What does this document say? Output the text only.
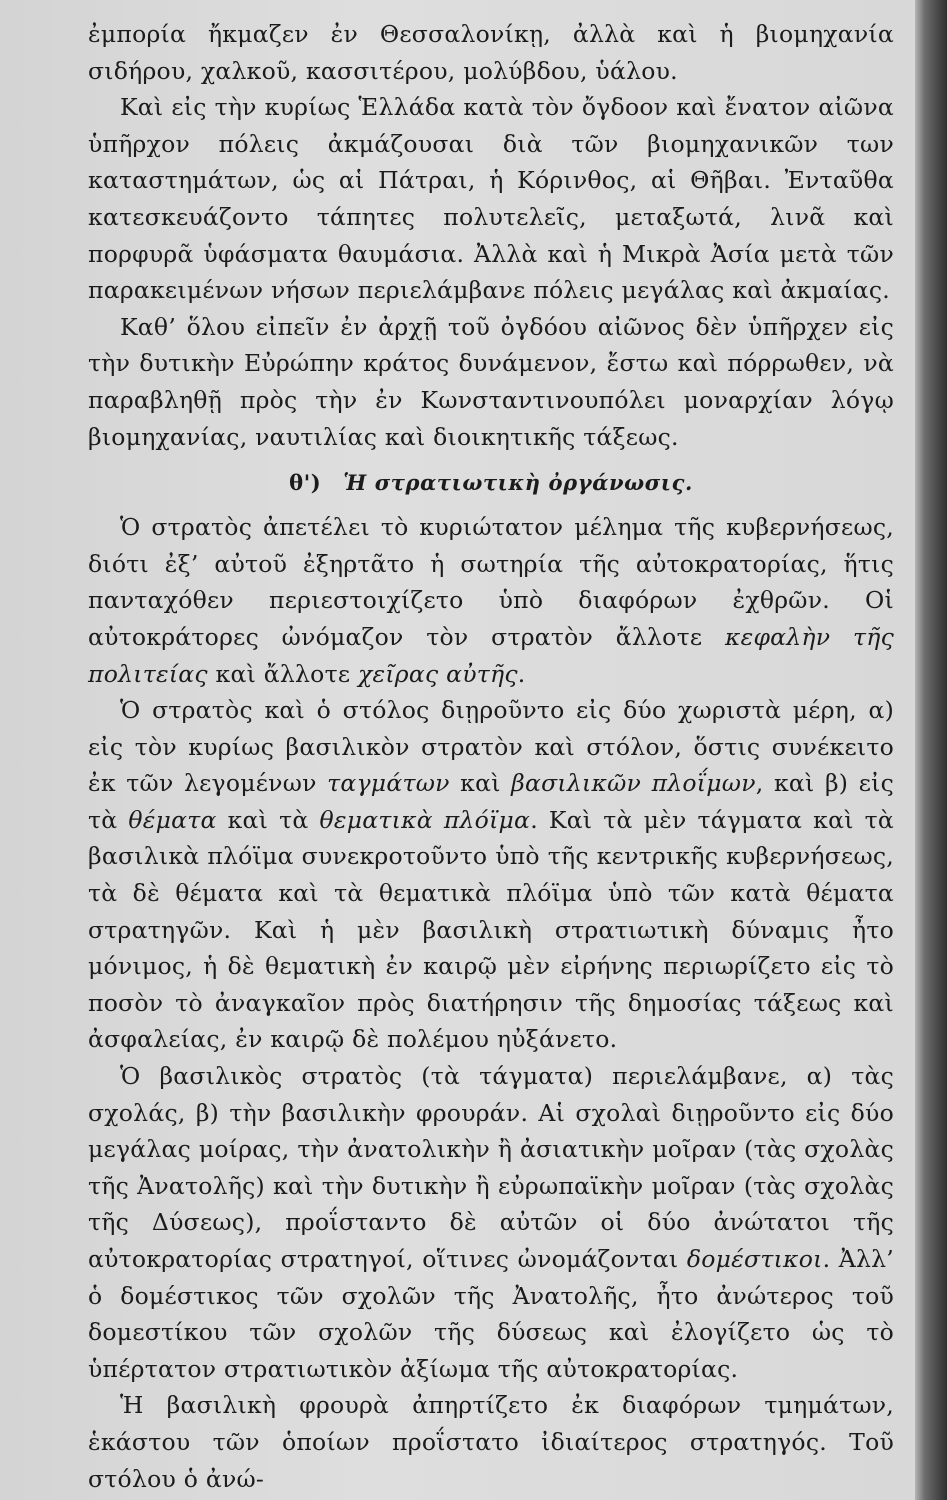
ἐμπορία ἤκμαζεν ἐν Θεσσαλονίκῃ, ἀλλὰ καὶ ἡ βιομηχανία σιδήρου, χαλκοῦ, κασσιτέρου, μολύβδου, ὑάλου.

Καὶ εἰς τὴν κυρίως Ἑλλάδα κατὰ τὸν ὄγδοον καὶ ἔνατον αἰῶνα ὑπῆρχον πόλεις ἀκμάζουσαι διὰ τῶν βιομηχανικῶν των καταστημάτων, ὡς αἱ Πάτραι, ἡ Κόρινθος, αἱ Θῆβαι. Ἐνταῦθα κατεσκευάζοντο τάπητες πολυτελεῖς, μεταξωτά, λινᾶ καὶ πορφυρᾶ ὑφάσματα θαυμάσια. Ἀλλὰ καὶ ἡ Μικρὰ Ἀσία μετὰ τῶν παρακειμένων νήσων περιελάμβανε πόλεις μεγάλας καὶ ἀκμαίας.

Καθ’ ὅλου εἰπεῖν ἐν ἀρχῇ τοῦ ὀγδόου αἰῶνος δὲν ὑπῆρχεν εἰς τὴν δυτικὴν Εὐρώπην κράτος δυνάμενον, ἔστω καὶ πόρρωθεν, νὰ παραβληθῇ πρὸς τὴν ἐν Κωνσταντινουπόλει μοναρχίαν λόγῳ βιομηχανίας, ναυτιλίας καὶ διοικητικῆς τάξεως.

θ') Ἡ στρατιωτικὴ ὀργάνωσις.

Ὁ στρατὸς ἀπετέλει τὸ κυριώτατον μέλημα τῆς κυβερνήσεως, διότι ἐξ’ αὐτοῦ ἐξηρτᾶτο ἡ σωτηρία τῆς αὐτοκρατορίας, ἥτις πανταχόθεν περιεστοιχίζετο ὑπὸ διαφόρων ἐχθρῶν. Οἱ αὐτοκράτορες ὠνόμαζον τὸν στρατὸν ἄλλοτε κεφαλὴν τῆς πολιτείας καὶ ἄλλοτε χεῖρας αὐτῆς.

Ὁ στρατὸς καὶ ὁ στόλος διῃροῦντο εἰς δύο χωριστὰ μέρη, α) εἰς τὸν κυρίως βασιλικὸν στρατὸν καὶ στόλον, ὅστις συνέκειτο ἐκ τῶν λεγομένων ταγμάτων καὶ βασιλικῶν πλοΐμων, καὶ β) εἰς τὰ θέματα καὶ τὰ θεματικὰ πλόϊμα. Καὶ τὰ μὲν τάγματα καὶ τὰ βασιλικὰ πλόϊμα συνεκροτοῦντο ὑπὸ τῆς κεντρικῆς κυβερνήσεως, τὰ δὲ θέματα καὶ τὰ θεματικὰ πλόϊμα ὑπὸ τῶν κατὰ θέματα στρατηγῶν. Καὶ ἡ μὲν βασιλικὴ στρατιωτικὴ δύναμις ἦτο μόνιμος, ἡ δὲ θεματικὴ ἐν καιρῷ μὲν εἰρήνης περιωρίζετο εἰς τὸ ποσὸν τὸ ἀναγκαῖον πρὸς διατήρησιν τῆς δημοσίας τάξεως καὶ ἀσφαλείας, ἐν καιρῷ δὲ πολέμου ηὐξάνετο.

Ὁ βασιλικὸς στρατὸς (τὰ τάγματα) περιελάμβανε, α) τὰς σχολάς, β) τὴν βασιλικὴν φρουράν. Αἱ σχολαὶ διῃροῦντο εἰς δύο μεγάλας μοίρας, τὴν ἀνατολικὴν ἢ ἀσιατικὴν μοῖραν (τὰς σχολὰς τῆς Ἀνατολῆς) καὶ τὴν δυτικὴν ἢ εὐρωπαϊκὴν μοῖραν (τὰς σχολὰς τῆς Δύσεως), προΐσταντο δὲ αὐτῶν οἱ δύο ἀνώτατοι τῆς αὐτοκρατορίας στρατηγοί, οἵτινες ὠνομάζονται δομέστικοι. Ἀλλ’ ὁ δομέστικος τῶν σχολῶν τῆς Ἀνατολῆς, ἦτο ἀνώτερος τοῦ δομεστίκου τῶν σχολῶν τῆς δύσεως καὶ ἐλογίζετο ὡς τὸ ὑπέρτατον στρατιωτικὸν ἀξίωμα τῆς αὐτοκρατορίας.

Ἡ βασιλικὴ φρουρὰ ἀπηρτίζετο ἐκ διαφόρων τμημάτων, ἑκάστου τῶν ὁποίων προΐστατο ἰδιαίτερος στρατηγός. Τοῦ στόλου ὁ ἀνώ-
